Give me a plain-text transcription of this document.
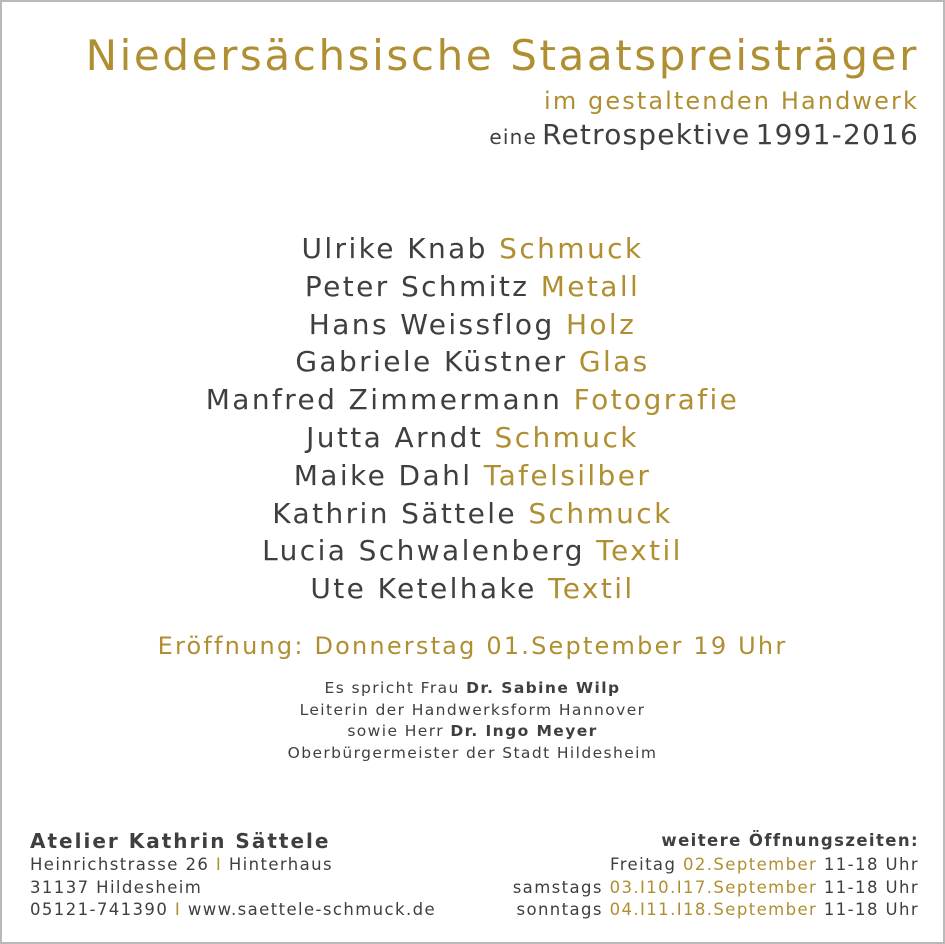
Niedersächsische Staatspreisträger
im gestaltenden Handwerk
eine Retrospektive 1991-2016
Ulrike Knab Schmuck
Peter Schmitz Metall
Hans Weissflog Holz
Gabriele Küstner Glas
Manfred Zimmermann Fotografie
Jutta Arndt Schmuck
Maike Dahl Tafelsilber
Kathrin Sättele Schmuck
Lucia Schwalenberg Textil
Ute Ketelhake Textil
Eröffnung: Donnerstag 01.September 19 Uhr
Es spricht Frau Dr. Sabine Wilp
Leiterin der Handwerksform Hannover
sowie Herr Dr. Ingo Meyer
Oberbürgermeister der Stadt Hildesheim
Atelier Kathrin Sättele
Heinrichstrasse 26 I Hinterhaus
31137 Hildesheim
05121-741390 I www.saettele-schmuck.de
weitere Öffnungszeiten:
Freitag 02.September 11-18 Uhr
samstags 03.I10.I17.September 11-18 Uhr
sonntags 04.I11.I18.September 11-18 Uhr
